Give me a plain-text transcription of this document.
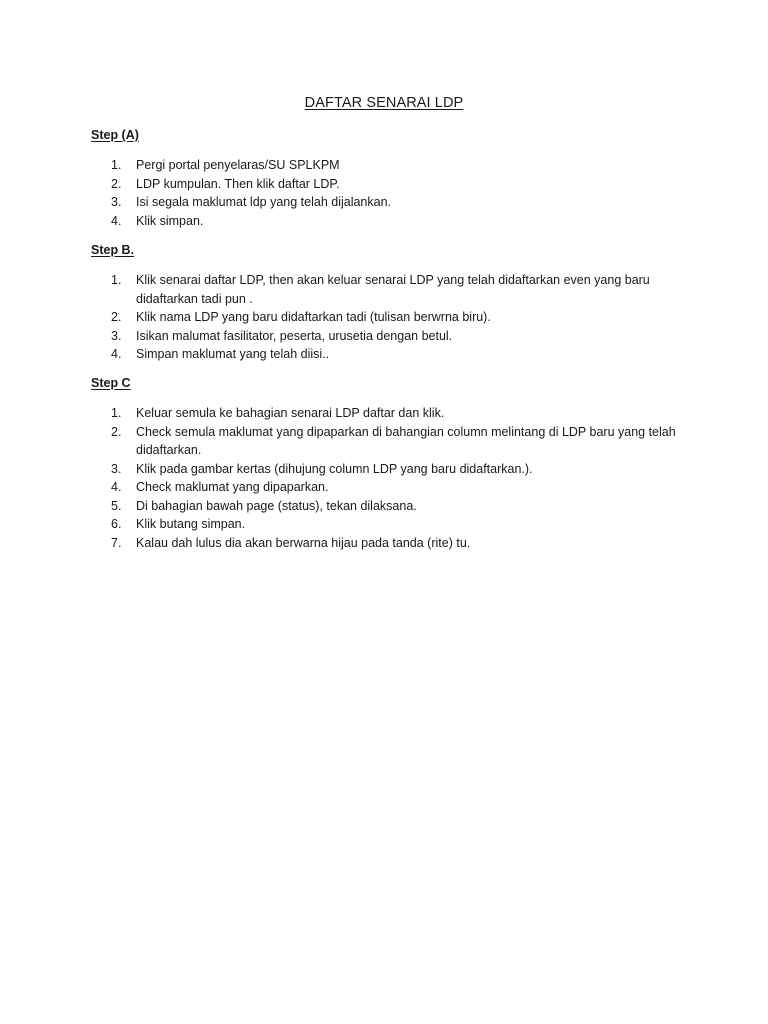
DAFTAR SENARAI LDP
Step (A)
1.	Pergi portal penyelaras/SU SPLKPM
2.	LDP kumpulan. Then klik daftar LDP.
3.	Isi segala maklumat ldp yang telah dijalankan.
4.	Klik simpan.
Step B.
1.	Klik senarai daftar LDP, then akan keluar senarai LDP yang telah didaftarkan even yang baru didaftarkan tadi pun .
2.	Klik nama LDP yang baru didaftarkan tadi (tulisan berwrna biru).
3.	Isikan malumat fasilitator, peserta, urusetia dengan betul.
4.	Simpan maklumat yang telah diisi..
Step C
1.	Keluar semula ke bahagian senarai LDP daftar dan klik.
2.	Check semula maklumat yang dipaparkan di bahangian column melintang di LDP baru yang telah didaftarkan.
3.	Klik pada gambar kertas (dihujung column LDP yang baru didaftarkan.).
4.	Check maklumat yang dipaparkan.
5.	Di bahagian bawah page (status), tekan dilaksana.
6.	Klik butang simpan.
7.	Kalau dah lulus dia akan berwarna hijau pada tanda (rite) tu.
